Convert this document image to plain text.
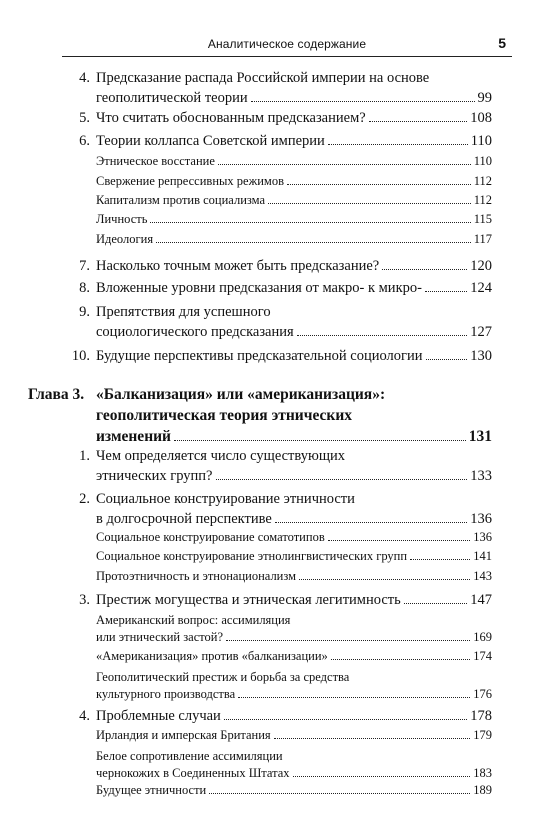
Аналитическое содержание	5
4. Предсказание распада Российской империи на основе
геополитической теории	99
5. Что считать обоснованным предсказанием?	108
6. Теории коллапса Советской империи	110
Этническое восстание	110
Свержение репрессивных режимов	112
Капитализм против социализма	112
Личность	115
Идеология	117
7. Насколько точным может быть предсказание?	120
8. Вложенные уровни предсказания от макро- к микро-	124
9. Препятствия для успешного
социологического предсказания	127
10. Будущие перспективы предсказательной социологии	130
Глава 3. «Балканизация» или «американизация»:
геополитическая теория этнических
изменений	131
1. Чем определяется число существующих
этнических групп?	133
2. Социальное конструирование этничности
в долгосрочной перспективе	136
Социальное конструирование соматотипов	136
Социальное конструирование этнолингвистических групп	141
Протоэтничность и этнонационализм	143
3. Престиж могущества и этническая легитимность	147
Американский вопрос: ассимиляция
или этнический застой?	169
«Американизация» против «балканизации»	174
Геополитический престиж и борьба за средства
культурного производства	176
4. Проблемные случаи	178
Ирландия и имперская Британия	179
Белое сопротивление ассимиляции
чернокожих в Соединенных Штатах	183
Будущее этничности	189
